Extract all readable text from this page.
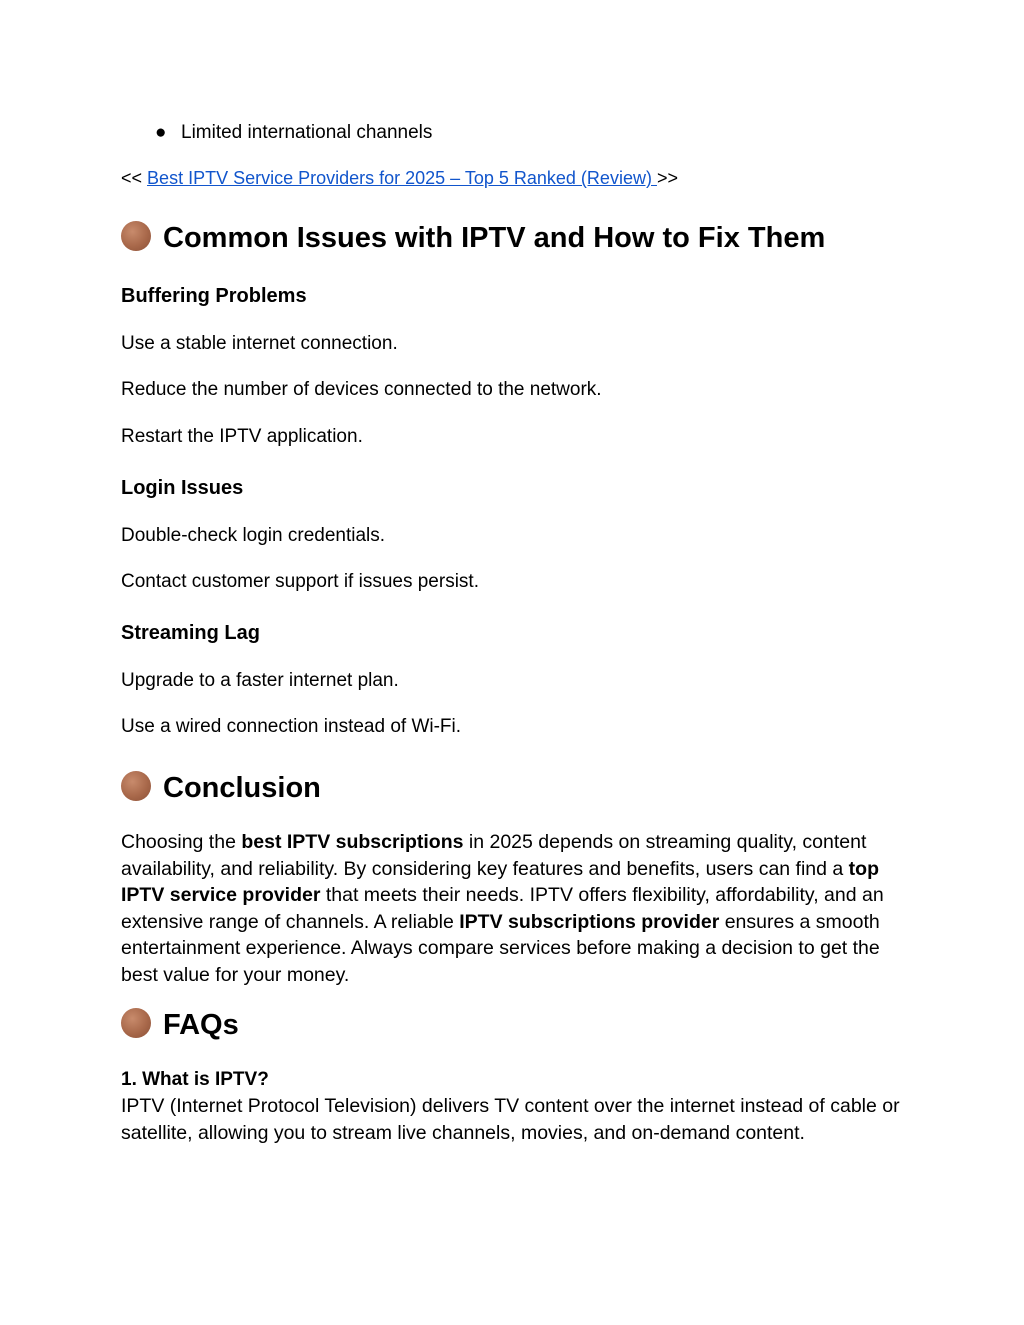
● Limited international channels
<< Best IPTV Service Providers for 2025 – Top 5 Ranked (Review) >>
Common Issues with IPTV and How to Fix Them
Buffering Problems

Use a stable internet connection.

Reduce the number of devices connected to the network.

Restart the IPTV application.

Login Issues

Double-check login credentials.

Contact customer support if issues persist.

Streaming Lag

Upgrade to a faster internet plan.

Use a wired connection instead of Wi-Fi.

Conclusion

Choosing the best IPTV subscriptions in 2025 depends on streaming quality, content availability, and reliability. By considering key features and benefits, users can find a top IPTV service provider that meets their needs. IPTV offers flexibility, affordability, and an extensive range of channels. A reliable IPTV subscriptions provider ensures a smooth entertainment experience. Always compare services before making a decision to get the best value for your money.

FAQs
1. What is IPTV?

IPTV (Internet Protocol Television) delivers TV content over the internet instead of cable or satellite, allowing you to stream live channels, movies, and on-demand content.
